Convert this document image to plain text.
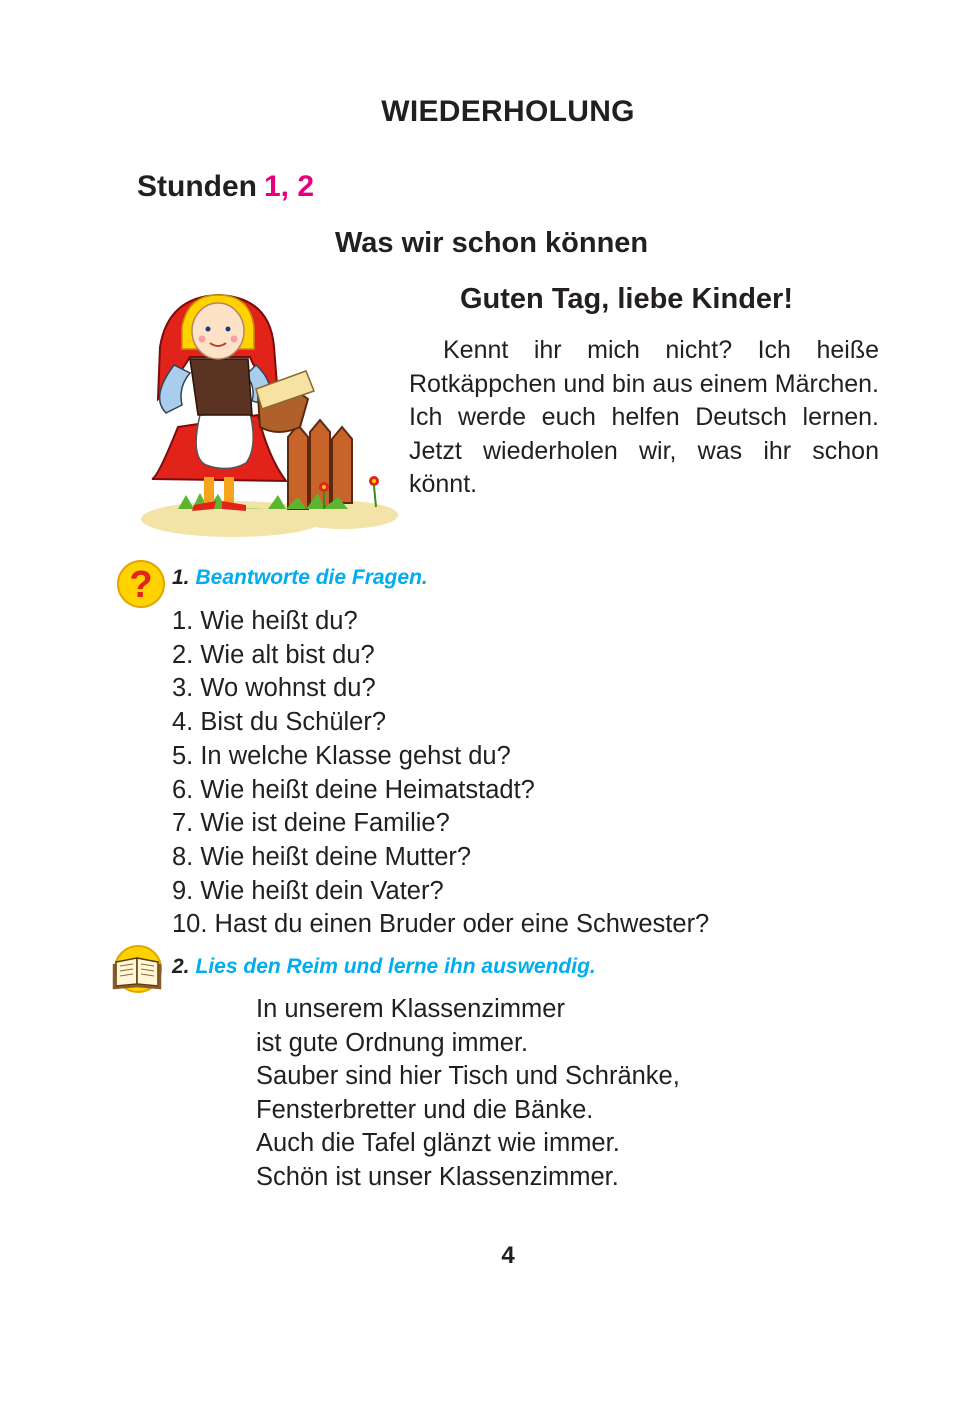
WIEDERHOLUNG
Stunden 1, 2
Was wir schon können
Guten Tag, liebe Kinder!

Kennt ihr mich nicht? Ich heiße Rotkäppchen und bin aus einem Märchen. Ich werde euch helfen Deutsch lernen. Jetzt wiederholen wir, was ihr schon könnt.

? 1. Beantworte die Fragen.
1. Wie heißt du?
2. Wie alt bist du?
3. Wo wohnst du?
4. Bist du Schüler?
5. In welche Klasse gehst du?
6. Wie heißt deine Heimatstadt?
7. Wie ist deine Familie?
8. Wie heißt deine Mutter?
9. Wie heißt dein Vater?
10. Hast du einen Bruder oder eine Schwester?
2. Lies den Reim und lerne ihn auswendig.
In unserem Klassenzimmer
ist gute Ordnung immer.
Sauber sind hier Tisch und Schränke,
Fensterbretter und die Bänke.
Auch die Tafel glänzt wie immer.
Schön ist unser Klassenzimmer.
4
